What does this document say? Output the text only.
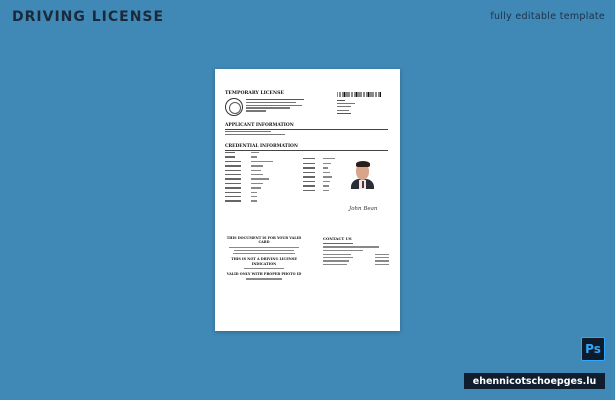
DRIVING LICENSE	fully editable template
TEMPORARY LICENSE
APPLICANT INFORMATION
CREDENTIAL INFORMATION
John Bean
THIS DOCUMENT IS FOR YOUR VALID CARD
THIS IS NOT A DRIVING LICENSE INDICATION
VALID ONLY WITH PROPER PHOTO ID
CONTACT US
Ps
ehennicotschoepges.lu
